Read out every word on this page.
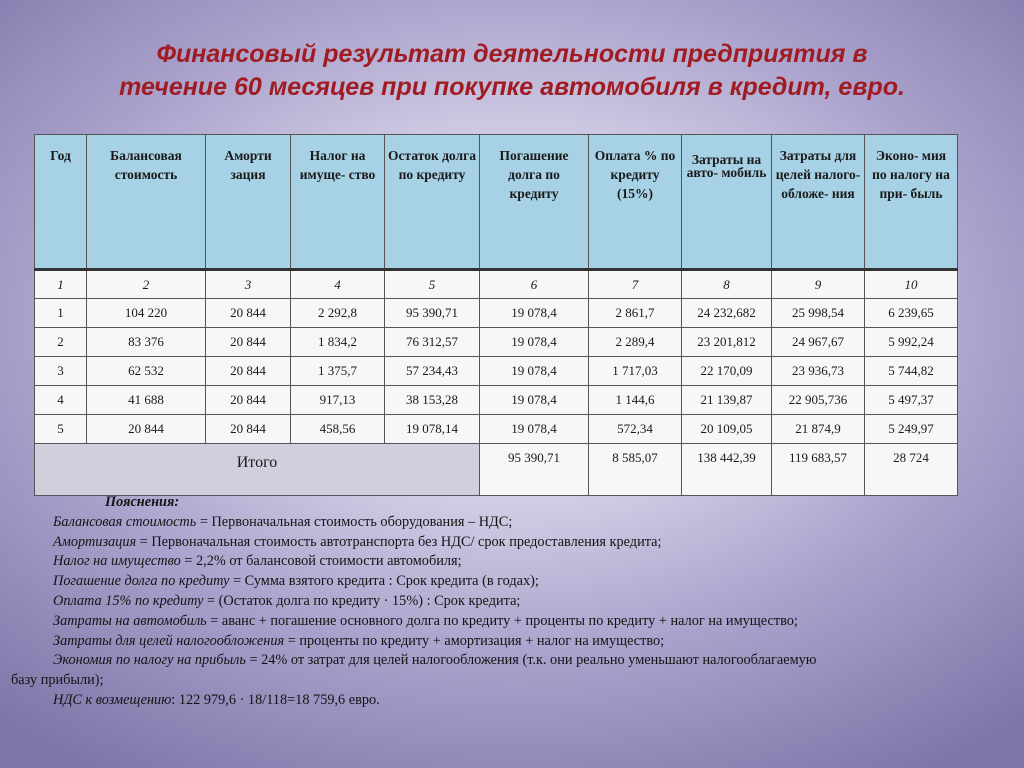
Финансовый результат деятельности предприятия в
течение 60 месяцев при покупке автомобиля в кредит, евро.
Год	Балансовая стоимость	Аморти зация	Налог на имуще- ство	Остаток долга по кредиту	Погашение долга по кредиту	Оплата % по кредиту (15%)	Затраты на авто- мобиль	Затраты для целей налого- обложе- ния	Эконо- мия по налогу на при- быль
1	2	3	4	5	6	7	8	9	10
1	104 220	20 844	2 292,8	95 390,71	19 078,4	2 861,7	24 232,682	25 998,54	6 239,65
2	83 376	20 844	1 834,2	76 312,57	19 078,4	2 289,4	23 201,812	24 967,67	5 992,24
3	62 532	20 844	1 375,7	57 234,43	19 078,4	1 717,03	22 170,09	23 936,73	5 744,82
4	41 688	20 844	917,13	38 153,28	19 078,4	1 144,6	21 139,87	22 905,736	5 497,37
5	20 844	20 844	458,56	19 078,14	19 078,4	572,34	20 109,05	21 874,9	5 249,97
Итого					95 390,71	8 585,07	138 442,39	119 683,57	28 724
Пояснения:
Балансовая стоимость = Первоначальная стоимость оборудования – НДС;
Амортизация = Первоначальная стоимость автотранспорта без НДС/ срок предоставления кредита;
Налог на имущество = 2,2% от балансовой стоимости автомобиля;
Погашение долга по кредиту = Сумма взятого кредита : Срок кредита (в годах);
Оплата 15% по кредиту = (Остаток долга по кредиту · 15%) : Срок кредита;
Затраты на автомобиль = аванс + погашение основного долга по кредиту + проценты по кредиту + налог на имущество;
Затраты для целей налогообложения = проценты по кредиту + амортизация + налог на имущество;
Экономия по налогу на прибыль = 24% от затрат для целей налогообложения (т.к. они реально уменьшают налогооблагаемую
базу прибыли);
НДС к возмещению: 122 979,6 · 18/118=18 759,6 евро.
